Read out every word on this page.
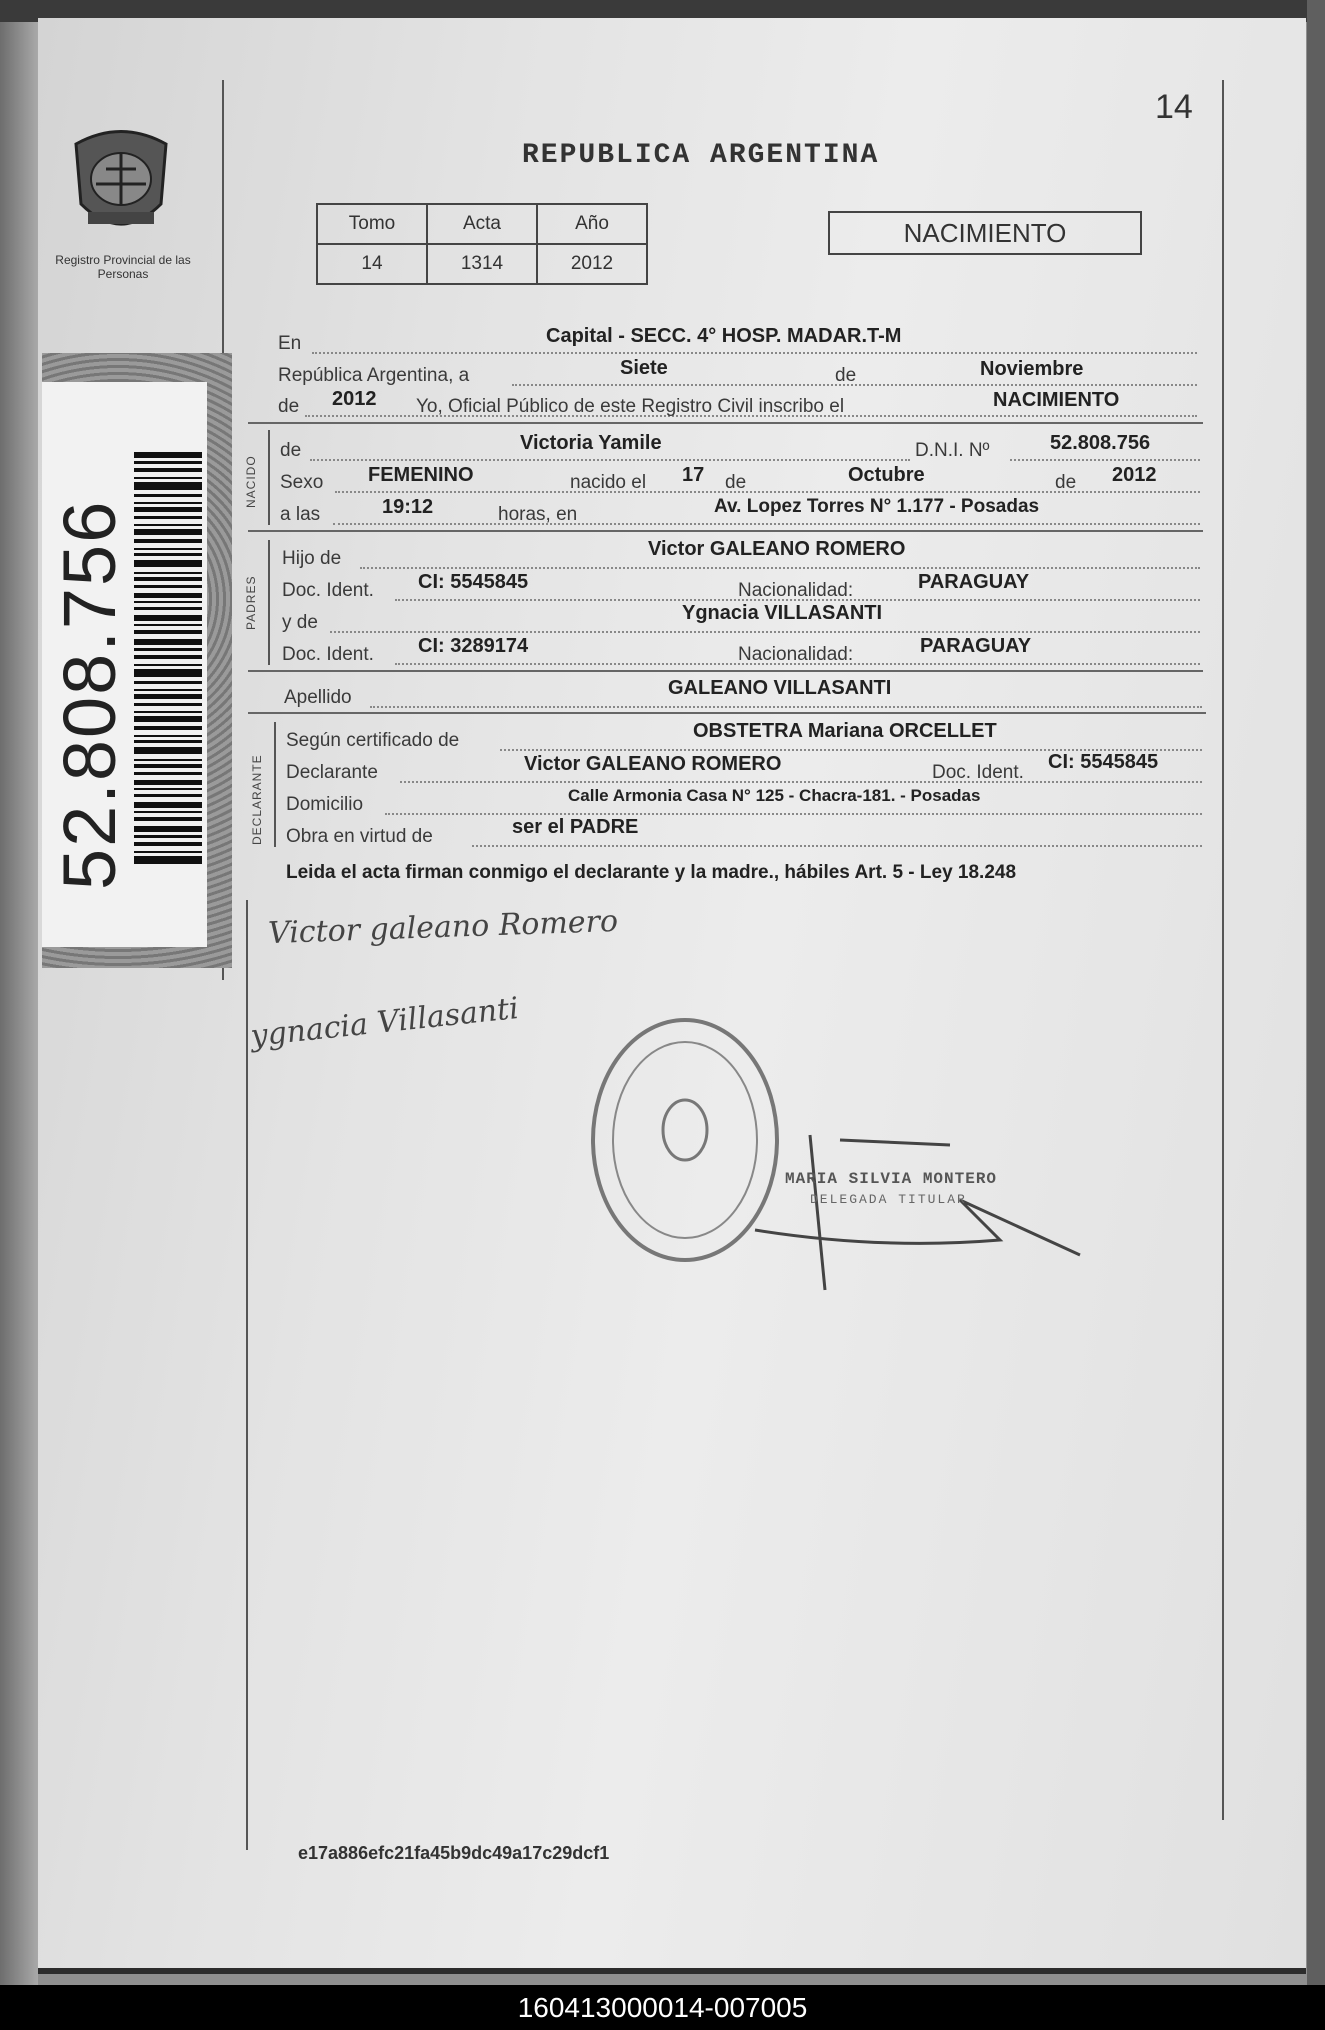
Registro Provincial de las Personas
52.808.756
14
REPUBLICA ARGENTINA
Tomo	Acta	Año
14	1314	2012
NACIMIENTO
En	Capital - SECC. 4° HOSP. MADAR.T-M
República Argentina, a	Siete	de	Noviembre
de 2012 Yo, Oficial Público de este Registro Civil inscribo el	NACIMIENTO
NACIDO
de	Victoria Yamile	D.N.I. Nº	52.808.756
Sexo FEMENINO	nacido el 17 de	Octubre	de 2012
a las	19:12	horas, en	Av. Lopez Torres N° 1.177 - Posadas
PADRES
Hijo de	Victor GALEANO ROMERO
Doc. Ident. CI: 5545845	Nacionalidad:	PARAGUAY
y de	Ygnacia VILLASANTI
Doc. Ident. CI: 3289174	Nacionalidad:	PARAGUAY
Apellido	GALEANO VILLASANTI
DECLARANTE
Según certificado de	OBSTETRA Mariana ORCELLET
Declarante	Victor GALEANO ROMERO	Doc. Ident. CI: 5545845
Domicilio	Calle Armonia Casa N° 125 - Chacra-181. - Posadas
Obra en virtud de	ser el PADRE
Leida el acta firman conmigo el declarante y la madre., hábiles Art. 5 - Ley 18.248
Victor galeano Romero
ygnacia Villasanti
MARIA SILVIA MONTERO
DELEGADA TITULAR
e17a886efc21fa45b9dc49a17c29dcf1
160413000014-007005
